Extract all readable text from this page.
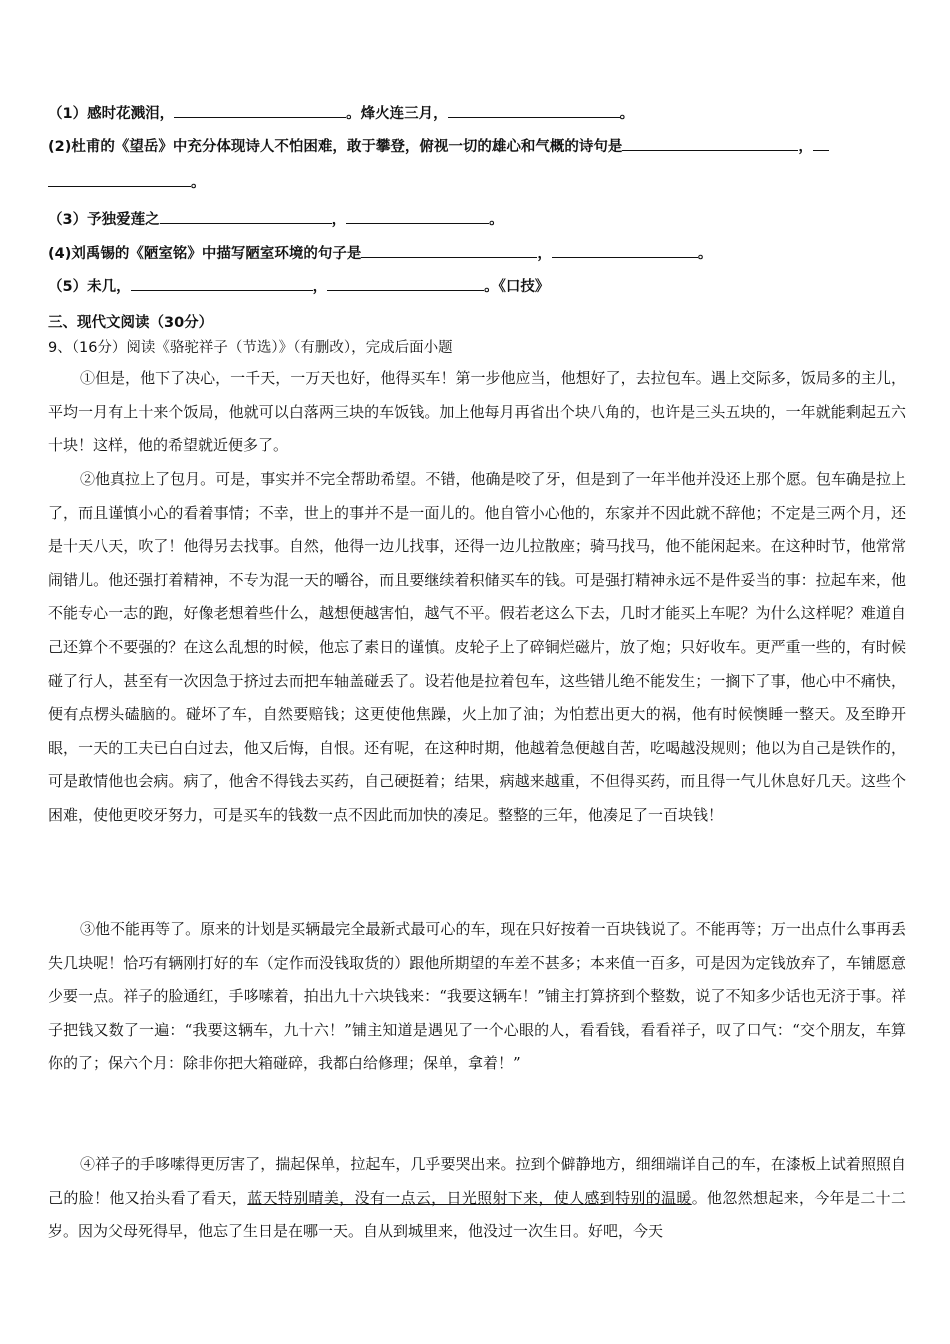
（1）感时花溅泪，	。烽火连三月，	。
(2)杜甫的《望岳》中充分体现诗人不怕困难，敢于攀登，俯视一切的雄心和气概的诗句是	，
。
（3）予独爱莲之	，	。
(4)刘禹锡的《陋室铭》中描写陋室环境的句子是	，	。
（5）未几，	，	。《口技》
三、现代文阅读（30分）
9、（16分）阅读《骆驼祥子（节选）》（有删改），完成后面小题

①但是，他下了决心，一千天，一万天也好，他得买车！第一步他应当，他想好了，去拉包车。遇上交际多，饭局多的主儿，平均一月有上十来个饭局，他就可以白落两三块的车饭钱。加上他每月再省出个块八角的，也许是三头五块的，一年就能剩起五六十块！这样，他的希望就近便多了。

②他真拉上了包月。可是，事实并不完全帮助希望。不错，他确是咬了牙，但是到了一年半他并没还上那个愿。包车确是拉上了，而且谨慎小心的看着事情；不幸，世上的事并不是一面儿的。他自管小心他的，东家并不因此就不辞他；不定是三两个月，还是十天八天，吹了！他得另去找事。自然，他得一边儿找事，还得一边儿拉散座；骑马找马，他不能闲起来。在这种时节，他常常闹错儿。他还强打着精神，不专为混一天的嚼谷，而且要继续着积储买车的钱。可是强打精神永远不是件妥当的事：拉起车来，他不能专心一志的跑，好像老想着些什么，越想便越害怕，越气不平。假若老这么下去，几时才能买上车呢？为什么这样呢？难道自己还算个不要强的？在这么乱想的时候，他忘了素日的谨慎。皮轮子上了碎铜烂磁片，放了炮；只好收车。更严重一些的，有时候碰了行人，甚至有一次因急于挤过去而把车轴盖碰丢了。设若他是拉着包车，这些错儿绝不能发生；一搁下了事，他心中不痛快，便有点楞头磕脑的。碰坏了车，自然要赔钱；这更使他焦躁，火上加了油；为怕惹出更大的祸，他有时候懊睡一整天。及至睁开眼，一天的工夫已白白过去，他又后悔，自恨。还有呢，在这种时期，他越着急便越自苦，吃喝越没规则；他以为自己是铁作的，可是敢情他也会病。病了，他舍不得钱去买药，自己硬挺着；结果，病越来越重，不但得买药，而且得一气儿休息好几天。这些个困难，使他更咬牙努力，可是买车的钱数一点不因此而加快的凑足。整整的三年，他凑足了一百块钱！

③他不能再等了。原来的计划是买辆最完全最新式最可心的车，现在只好按着一百块钱说了。不能再等；万一出点什么事再丢失几块呢！恰巧有辆刚打好的车（定作而没钱取货的）跟他所期望的车差不甚多；本来值一百多，可是因为定钱放弃了，车铺愿意少要一点。祥子的脸通红，手哆嗦着，拍出九十六块钱来：“我要这辆车！”铺主打算挤到个整数，说了不知多少话也无济于事。祥子把钱又数了一遍：“我要这辆车，九十六！”铺主知道是遇见了一个心眼的人，看看钱，看看祥子，叹了口气：“交个朋友，车算你的了；保六个月：除非你把大箱碰碎，我都白给修理；保单，拿着！”

④祥子的手哆嗦得更厉害了，揣起保单，拉起车，几乎要哭出来。拉到个僻静地方，细细端详自己的车，在漆板上试着照照自己的脸！他又抬头看了看天，蓝天特别晴美，没有一点云，日光照射下来，使人感到特别的温暖。他忽然想起来，今年是二十二岁。因为父母死得早，他忘了生日是在哪一天。自从到城里来，他没过一次生日。好吧，今天
